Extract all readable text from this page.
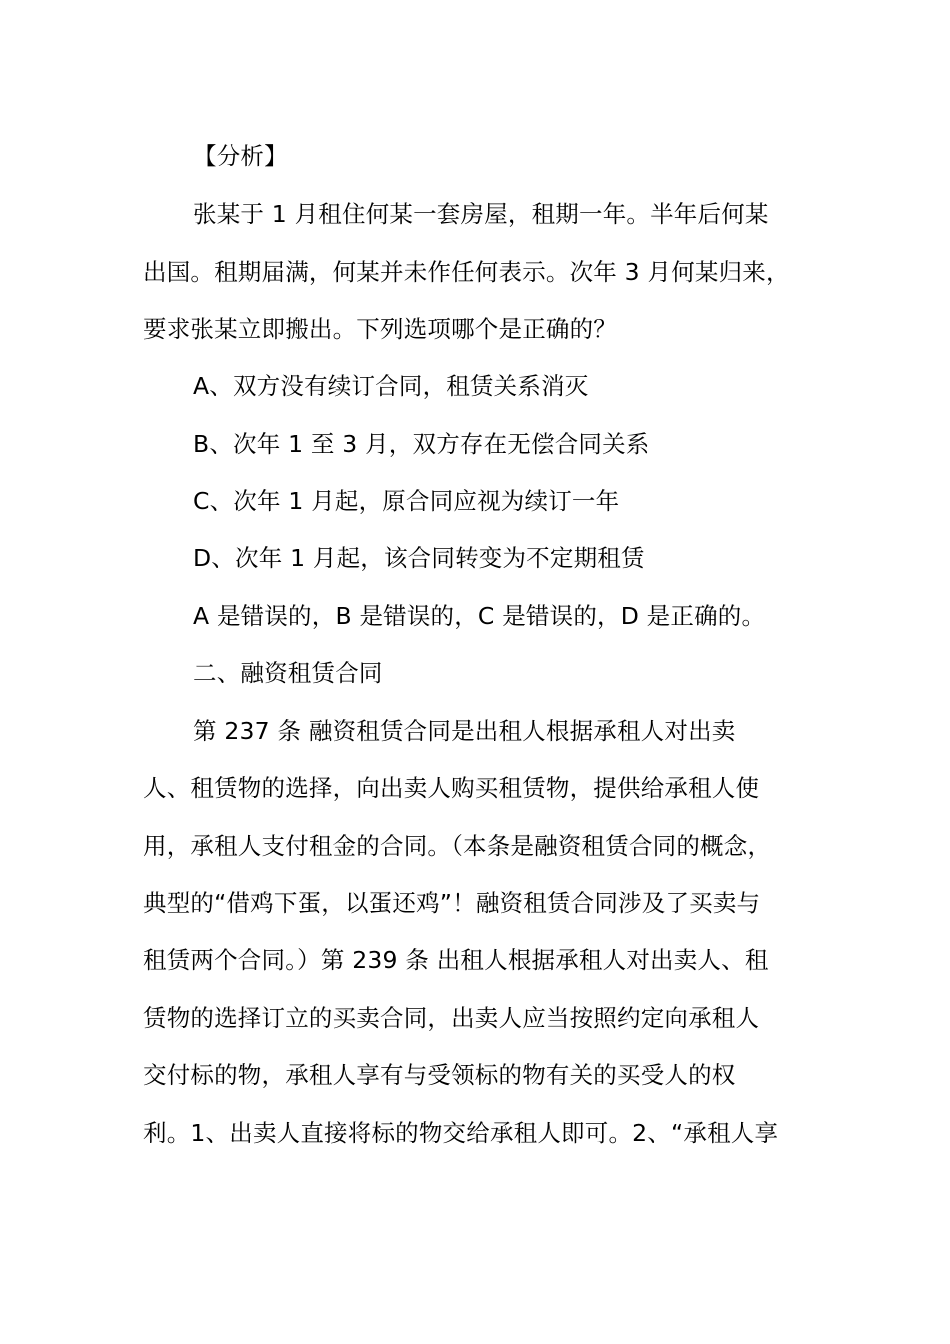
【分析】
张某于 1 月租住何某一套房屋，租期一年。半年后何某
出国。租期届满，何某并未作任何表示。次年 3 月何某归来，
要求张某立即搬出。下列选项哪个是正确的？
A、双方没有续订合同，租赁关系消灭
B、次年 1 至 3 月，双方存在无偿合同关系
C、次年 1 月起，原合同应视为续订一年
D、次年 1 月起，该合同转变为不定期租赁
A 是错误的，B 是错误的，C 是错误的，D 是正确的。
二、融资租赁合同
第 237 条 融资租赁合同是出租人根据承租人对出卖
人、租赁物的选择，向出卖人购买租赁物，提供给承租人使
用，承租人支付租金的合同。（本条是融资租赁合同的概念，
典型的“借鸡下蛋，以蛋还鸡”！融资租赁合同涉及了买卖与
租赁两个合同。）第 239 条 出租人根据承租人对出卖人、租
赁物的选择订立的买卖合同，出卖人应当按照约定向承租人
交付标的物，承租人享有与受领标的物有关的买受人的权
利。1、出卖人直接将标的物交给承租人即可。2、“承租人享
